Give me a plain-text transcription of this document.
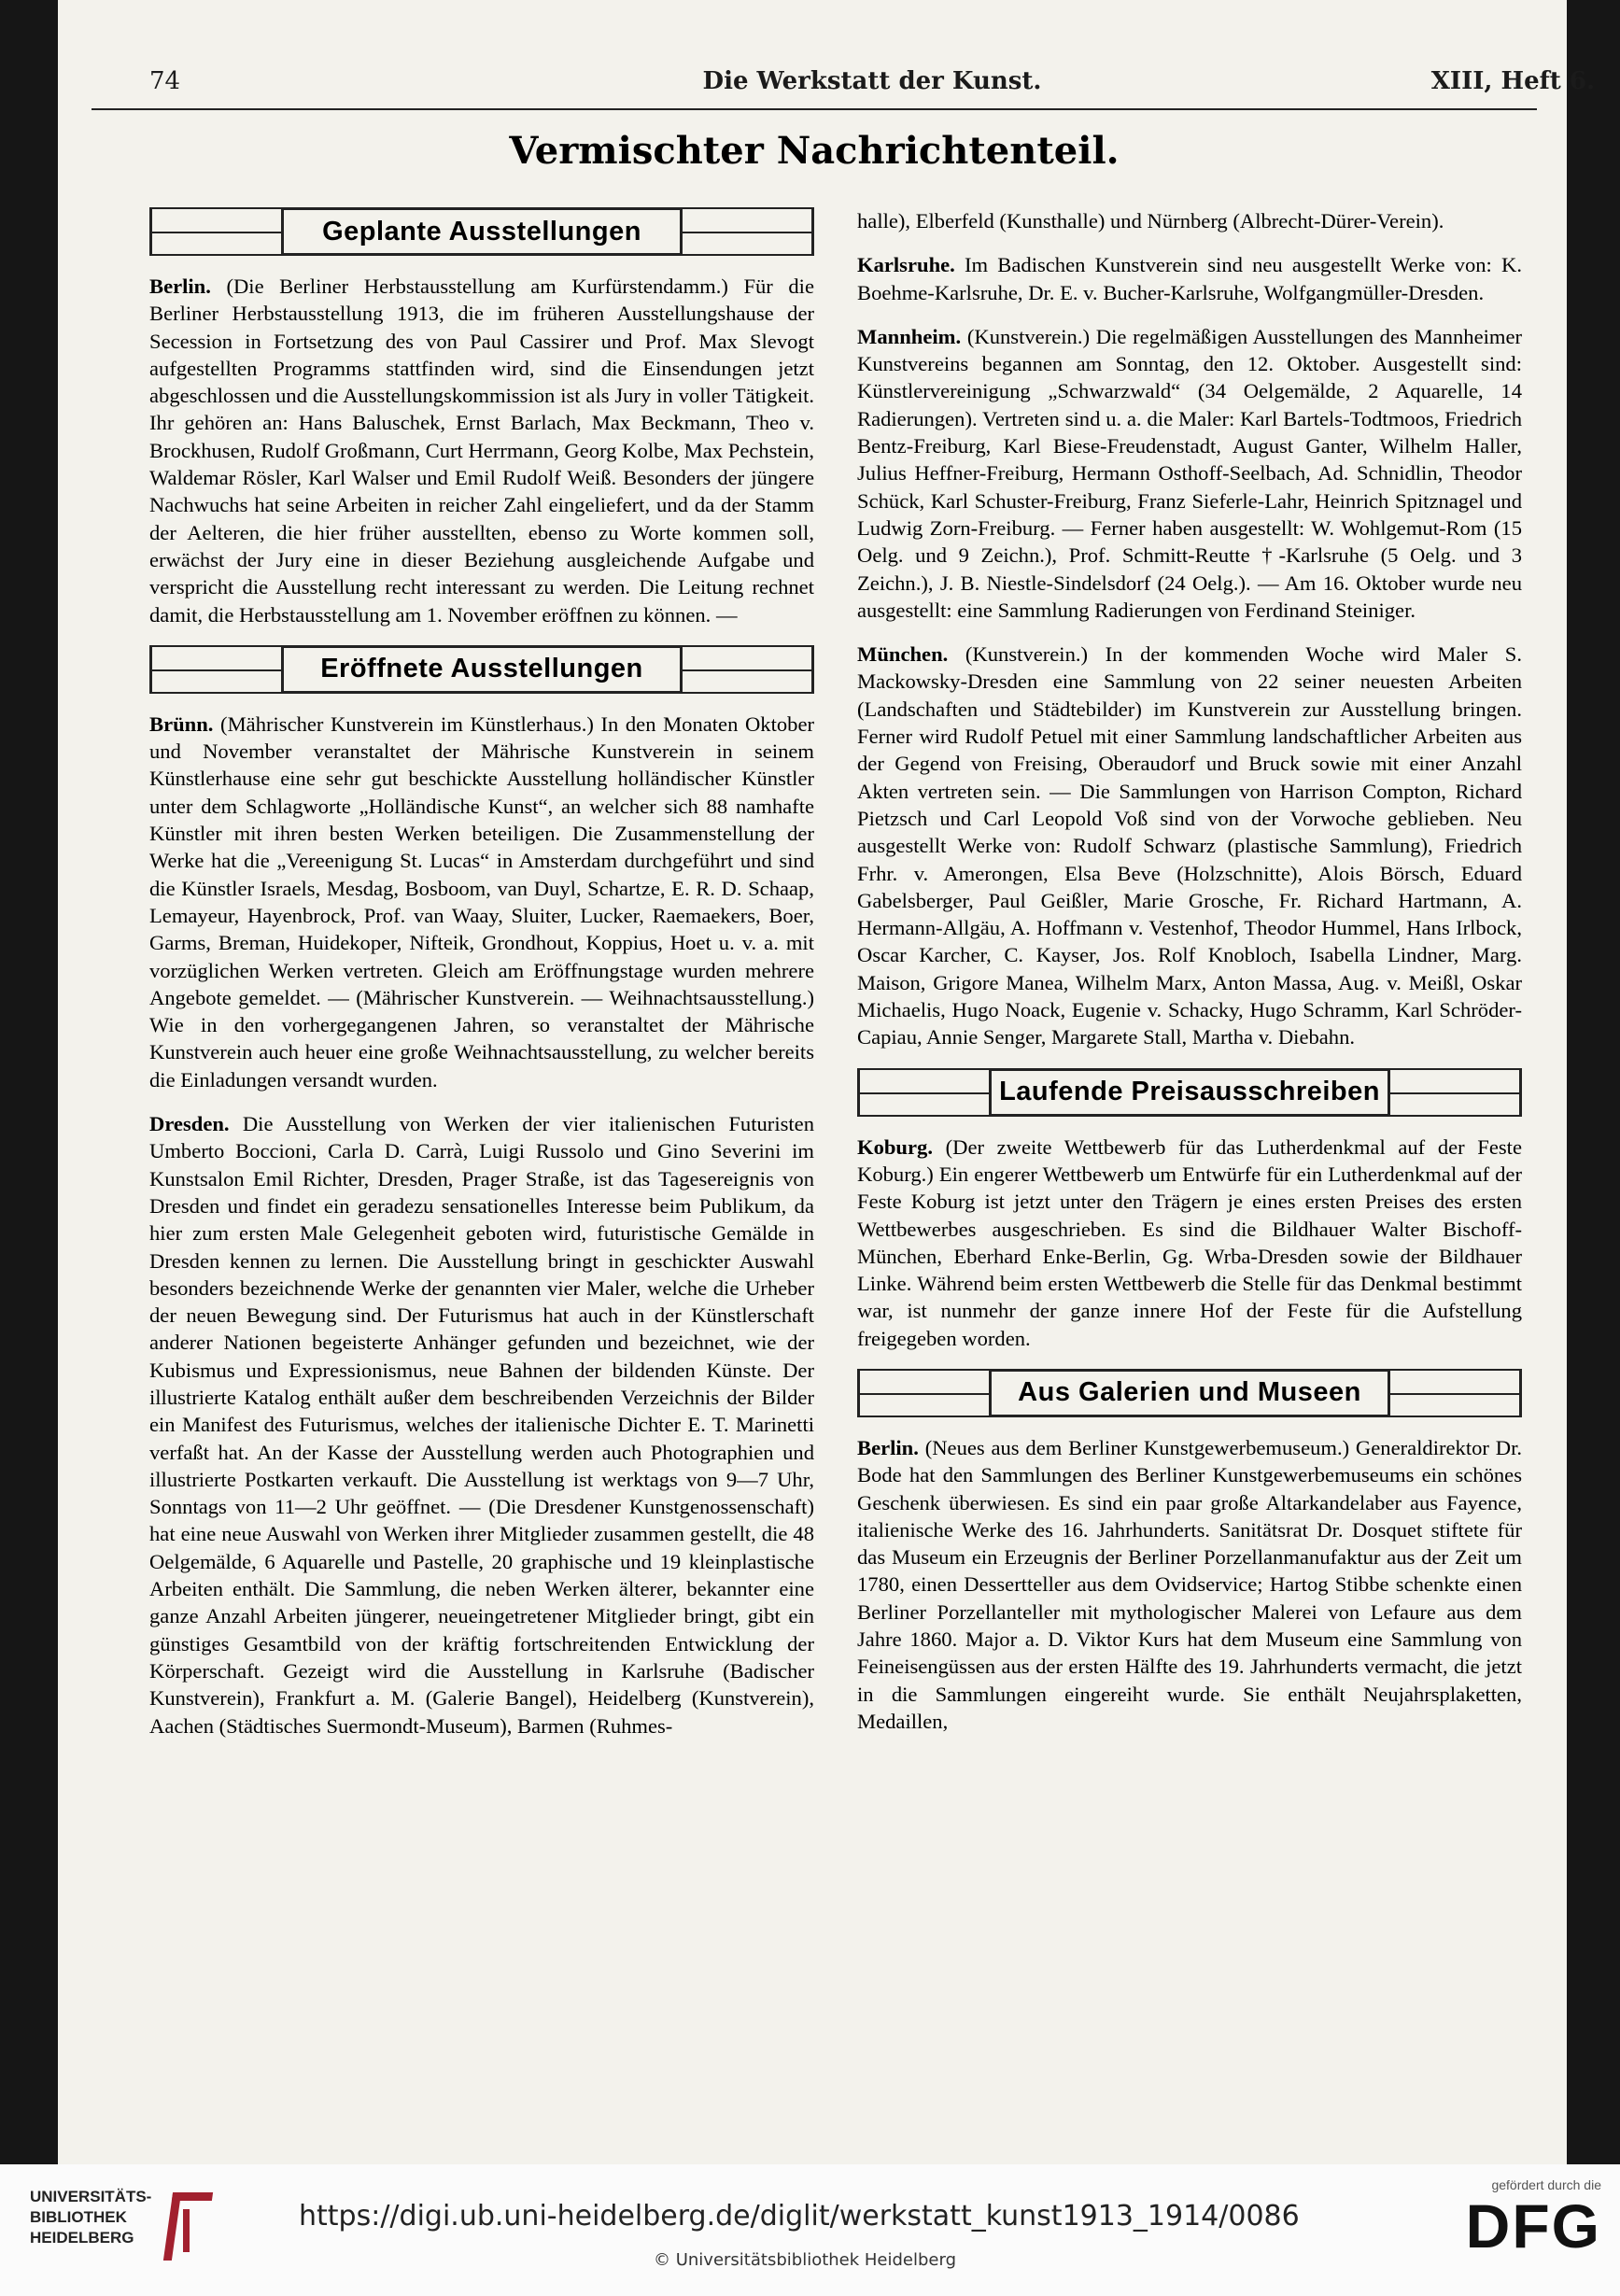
74	Die Werkstatt der Kunst.	XIII, Heft 6.
Vermischter Nachrichtenteil.
Geplante Ausstellungen

Berlin. (Die Berliner Herbstausstellung am Kurfürstendamm.) Für die Berliner Herbstausstellung 1913, die im früheren Ausstellungshause der Secession in Fortsetzung des von Paul Cassirer und Prof. Max Slevogt aufgestellten Programms stattfinden wird, sind die Einsendungen jetzt abgeschlossen und die Ausstellungskommission ist als Jury in voller Tätigkeit. Ihr gehören an: Hans Baluschek, Ernst Barlach, Max Beckmann, Theo v. Brockhusen, Rudolf Großmann, Curt Herrmann, Georg Kolbe, Max Pechstein, Waldemar Rösler, Karl Walser und Emil Rudolf Weiß. Besonders der jüngere Nachwuchs hat seine Arbeiten in reicher Zahl eingeliefert, und da der Stamm der Aelteren, die hier früher ausstellten, ebenso zu Worte kommen soll, erwächst der Jury eine in dieser Beziehung ausgleichende Aufgabe und verspricht die Ausstellung recht interessant zu werden. Die Leitung rechnet damit, die Herbstausstellung am 1. November eröffnen zu können. —

Eröffnete Ausstellungen

Brünn. (Mährischer Kunstverein im Künstlerhaus.) In den Monaten Oktober und November veranstaltet der Mährische Kunstverein in seinem Künstlerhause eine sehr gut beschickte Ausstellung holländischer Künstler unter dem Schlagworte „Holländische Kunst“, an welcher sich 88 namhafte Künstler mit ihren besten Werken beteiligen. Die Zusammenstellung der Werke hat die „Vereenigung St. Lucas“ in Amsterdam durchgeführt und sind die Künstler Israels, Mesdag, Bosboom, van Duyl, Schartze, E. R. D. Schaap, Lemayeur, Hayenbrock, Prof. van Waay, Sluiter, Lucker, Raemaekers, Boer, Garms, Breman, Huidekoper, Nifteik, Grondhout, Koppius, Hoet u. v. a. mit vorzüglichen Werken vertreten. Gleich am Eröffnungstage wurden mehrere Angebote gemeldet. — (Mährischer Kunstverein. — Weihnachtsausstellung.) Wie in den vorhergegangenen Jahren, so veranstaltet der Mährische Kunstverein auch heuer eine große Weihnachtsausstellung, zu welcher bereits die Einladungen versandt wurden.

Dresden. Die Ausstellung von Werken der vier italienischen Futuristen Umberto Boccioni, Carla D. Carrà, Luigi Russolo und Gino Severini im Kunstsalon Emil Richter, Dresden, Prager Straße, ist das Tagesereignis von Dresden und findet ein geradezu sensationelles Interesse beim Publikum, da hier zum ersten Male Gelegenheit geboten wird, futuristische Gemälde in Dresden kennen zu lernen. Die Ausstellung bringt in geschickter Auswahl besonders bezeichnende Werke der genannten vier Maler, welche die Urheber der neuen Bewegung sind. Der Futurismus hat auch in der Künstlerschaft anderer Nationen begeisterte Anhänger gefunden und bezeichnet, wie der Kubismus und Expressionismus, neue Bahnen der bildenden Künste. Der illustrierte Katalog enthält außer dem beschreibenden Verzeichnis der Bilder ein Manifest des Futurismus, welches der italienische Dichter E. T. Marinetti verfaßt hat. An der Kasse der Ausstellung werden auch Photographien und illustrierte Postkarten verkauft. Die Ausstellung ist werktags von 9—7 Uhr, Sonntags von 11—2 Uhr geöffnet. — (Die Dresdener Kunstgenossenschaft) hat eine neue Auswahl von Werken ihrer Mitglieder zusammen gestellt, die 48 Oelgemälde, 6 Aquarelle und Pastelle, 20 graphische und 19 kleinplastische Arbeiten enthält. Die Sammlung, die neben Werken älterer, bekannter eine ganze Anzahl Arbeiten jüngerer, neueingetretener Mitglieder bringt, gibt ein günstiges Gesamtbild von der kräftig fortschreitenden Entwicklung der Körperschaft. Gezeigt wird die Ausstellung in Karlsruhe (Badischer Kunstverein), Frankfurt a. M. (Galerie Bangel), Heidelberg (Kunstverein), Aachen (Städtisches Suermondt-Museum), Barmen (Ruhmes-

halle), Elberfeld (Kunsthalle) und Nürnberg (Albrecht-Dürer-Verein).

Karlsruhe. Im Badischen Kunstverein sind neu ausgestellt Werke von: K. Boehme-Karlsruhe, Dr. E. v. Bucher-Karlsruhe, Wolfgangmüller-Dresden.

Mannheim. (Kunstverein.) Die regelmäßigen Ausstellungen des Mannheimer Kunstvereins begannen am Sonntag, den 12. Oktober. Ausgestellt sind: Künstlervereinigung „Schwarzwald“ (34 Oelgemälde, 2 Aquarelle, 14 Radierungen). Vertreten sind u. a. die Maler: Karl Bartels-Todtmoos, Friedrich Bentz-Freiburg, Karl Biese-Freudenstadt, August Ganter, Wilhelm Haller, Julius Heffner-Freiburg, Hermann Osthoff-Seelbach, Ad. Schnidlin, Theodor Schück, Karl Schuster-Freiburg, Franz Sieferle-Lahr, Heinrich Spitznagel und Ludwig Zorn-Freiburg. — Ferner haben ausgestellt: W. Wohlgemut-Rom (15 Oelg. und 9 Zeichn.), Prof. Schmitt-Reutte †-Karlsruhe (5 Oelg. und 3 Zeichn.), J. B. Niestle-Sindelsdorf (24 Oelg.). — Am 16. Oktober wurde neu ausgestellt: eine Sammlung Radierungen von Ferdinand Steiniger.

München. (Kunstverein.) In der kommenden Woche wird Maler S. Mackowsky-Dresden eine Sammlung von 22 seiner neuesten Arbeiten (Landschaften und Städtebilder) im Kunstverein zur Ausstellung bringen. Ferner wird Rudolf Petuel mit einer Sammlung landschaftlicher Arbeiten aus der Gegend von Freising, Oberaudorf und Bruck sowie mit einer Anzahl Akten vertreten sein. — Die Sammlungen von Harrison Compton, Richard Pietzsch und Carl Leopold Voß sind von der Vorwoche geblieben. Neu ausgestellt Werke von: Rudolf Schwarz (plastische Sammlung), Friedrich Frhr. v. Amerongen, Elsa Beve (Holzschnitte), Alois Börsch, Eduard Gabelsberger, Paul Geißler, Marie Grosche, Fr. Richard Hartmann, A. Hermann-Allgäu, A. Hoffmann v. Vestenhof, Theodor Hummel, Hans Irlbock, Oscar Karcher, C. Kayser, Jos. Rolf Knobloch, Isabella Lindner, Marg. Maison, Grigore Manea, Wilhelm Marx, Anton Massa, Aug. v. Meißl, Oskar Michaelis, Hugo Noack, Eugenie v. Schacky, Hugo Schramm, Karl Schröder-Capiau, Annie Senger, Margarete Stall, Martha v. Diebahn.

Laufende Preisausschreiben

Koburg. (Der zweite Wettbewerb für das Lutherdenkmal auf der Feste Koburg.) Ein engerer Wettbewerb um Entwürfe für ein Lutherdenkmal auf der Feste Koburg ist jetzt unter den Trägern je eines ersten Preises des ersten Wettbewerbes ausgeschrieben. Es sind die Bildhauer Walter Bischoff-München, Eberhard Enke-Berlin, Gg. Wrba-Dresden sowie der Bildhauer Linke. Während beim ersten Wettbewerb die Stelle für das Denkmal bestimmt war, ist nunmehr der ganze innere Hof der Feste für die Aufstellung freigegeben worden.

Aus Galerien und Museen

Berlin. (Neues aus dem Berliner Kunstgewerbemuseum.) Generaldirektor Dr. Bode hat den Sammlungen des Berliner Kunstgewerbemuseums ein schönes Geschenk überwiesen. Es sind ein paar große Altarkandelaber aus Fayence, italienische Werke des 16. Jahrhunderts. Sanitätsrat Dr. Dosquet stiftete für das Museum ein Erzeugnis der Berliner Porzellanmanufaktur aus der Zeit um 1780, einen Dessertteller aus dem Ovidservice; Hartog Stibbe schenkte einen Berliner Porzellanteller mit mythologischer Malerei von Lefaure aus dem Jahre 1860. Major a. D. Viktor Kurs hat dem Museum eine Sammlung von Feineisengüssen aus der ersten Hälfte des 19. Jahrhunderts vermacht, die jetzt in die Sammlungen eingereiht wurde. Sie enthält Neujahrsplaketten, Medaillen,

UNIVERSITÄTS-
BIBLIOTHEK
HEIDELBERG
https://digi.ub.uni-heidelberg.de/diglit/werkstatt_kunst1913_1914/0086
© Universitätsbibliothek Heidelberg
gefördert durch die
DFG
